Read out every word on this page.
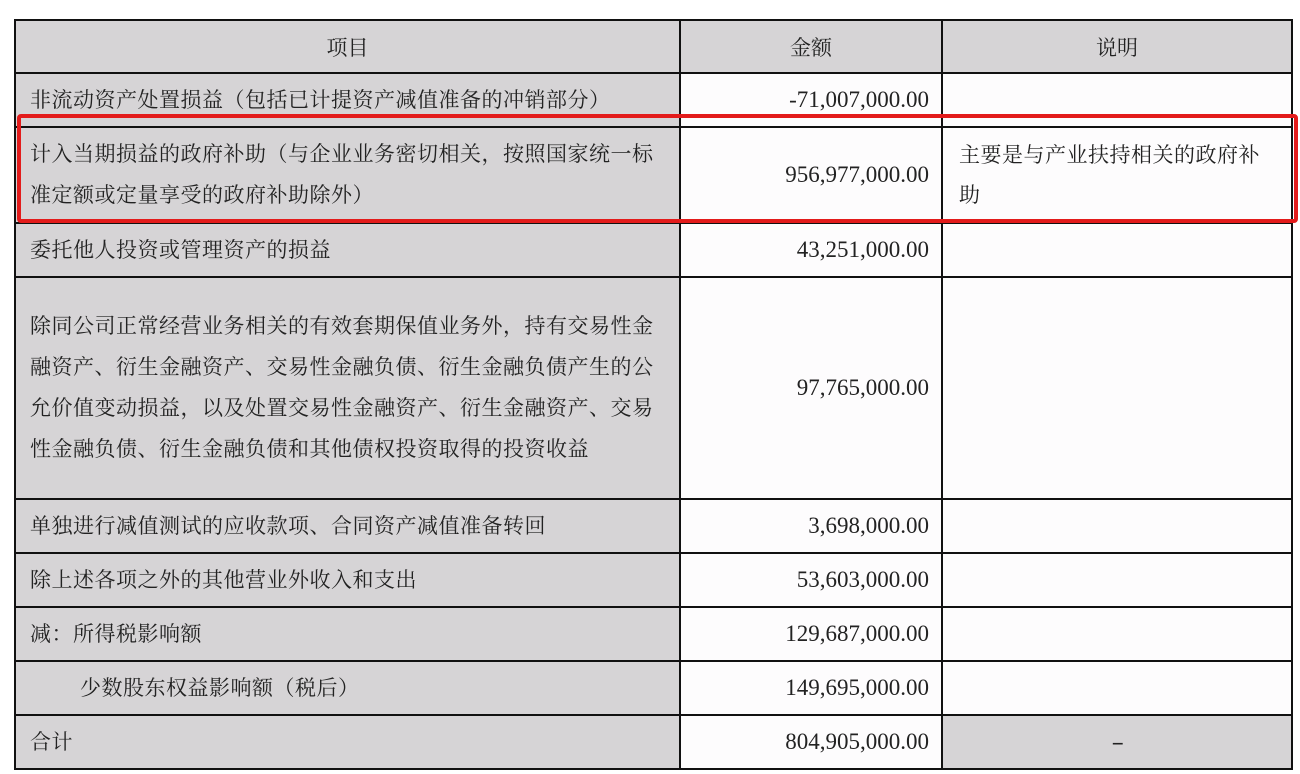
项目	金额	说明
非流动资产处置损益（包括已计提资产减值准备的冲销部分）	-71,007,000.00	
计入当期损益的政府补助（与企业业务密切相关，按照国家统一标准定额或定量享受的政府补助除外）	956,977,000.00	主要是与产业扶持相关的政府补助
委托他人投资或管理资产的损益	43,251,000.00	
除同公司正常经营业务相关的有效套期保值业务外，持有交易性金融资产、衍生金融资产、交易性金融负债、衍生金融负债产生的公允价值变动损益，以及处置交易性金融资产、衍生金融资产、交易性金融负债、衍生金融负债和其他债权投资取得的投资收益	97,765,000.00	
单独进行减值测试的应收款项、合同资产减值准备转回	3,698,000.00	
除上述各项之外的其他营业外收入和支出	53,603,000.00	
减：所得税影响额	129,687,000.00	
少数股东权益影响额（税后）	149,695,000.00	
合计	804,905,000.00	–
